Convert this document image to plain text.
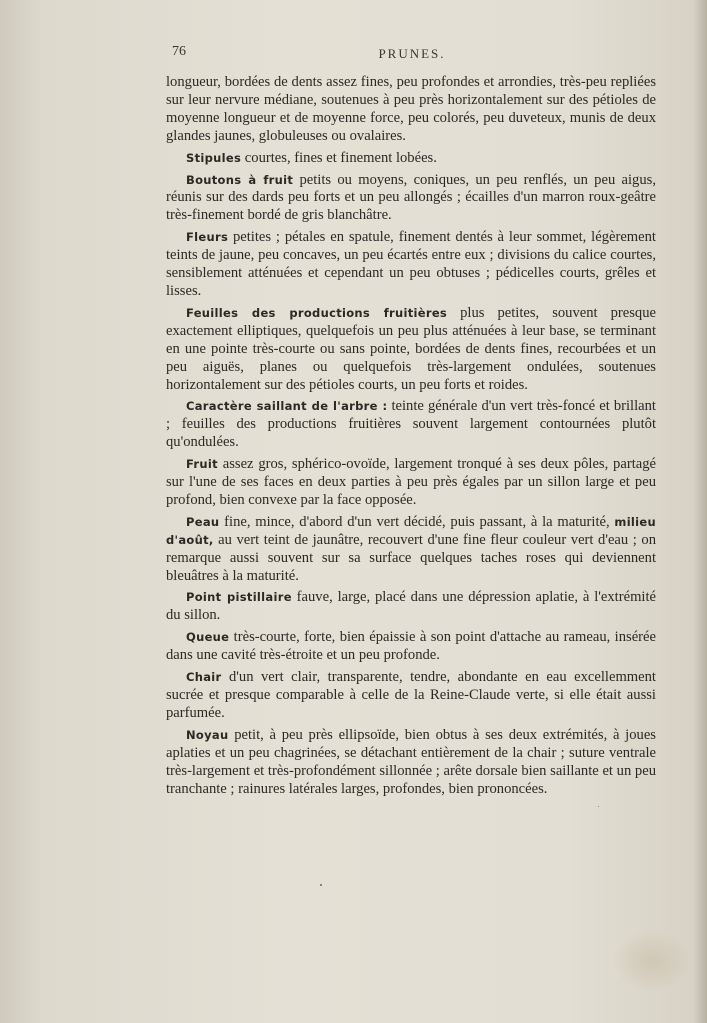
76	PRUNES.

longueur, bordées de dents assez fines, peu profondes et arrondies, très-peu repliées sur leur nervure médiane, soutenues à peu près horizontalement sur des pétioles de moyenne longueur et de moyenne force, peu colorés, peu duveteux, munis de deux glandes jaunes, globuleuses ou ovalaires.

Stipules courtes, fines et finement lobées.

Boutons à fruit petits ou moyens, coniques, un peu renflés, un peu aigus, réunis sur des dards peu forts et un peu allongés ; écailles d'un marron roux-geâtre très-finement bordé de gris blanchâtre.

Fleurs petites ; pétales en spatule, finement dentés à leur sommet, légèrement teints de jaune, peu concaves, un peu écartés entre eux ; divisions du calice courtes, sensiblement atténuées et cependant un peu obtuses ; pédicelles courts, grêles et lisses.

Feuilles des productions fruitières plus petites, souvent presque exactement elliptiques, quelquefois un peu plus atténuées à leur base, se terminant en une pointe très-courte ou sans pointe, bordées de dents fines, recourbées et un peu aiguës, planes ou quelquefois très-largement ondulées, soutenues horizontalement sur des pétioles courts, un peu forts et roides.

Caractère saillant de l'arbre : teinte générale d'un vert très-foncé et brillant ; feuilles des productions fruitières souvent largement contournées plutôt qu'ondulées.

Fruit assez gros, sphérico-ovoïde, largement tronqué à ses deux pôles, partagé sur l'une de ses faces en deux parties à peu près égales par un sillon large et peu profond, bien convexe par la face opposée.

Peau fine, mince, d'abord d'un vert décidé, puis passant, à la maturité, milieu d'août, au vert teint de jaunâtre, recouvert d'une fine fleur couleur vert d'eau ; on remarque aussi souvent sur sa surface quelques taches roses qui deviennent bleuâtres à la maturité.

Point pistillaire fauve, large, placé dans une dépression aplatie, à l'extrémité du sillon.

Queue très-courte, forte, bien épaissie à son point d'attache au rameau, insérée dans une cavité très-étroite et un peu profonde.

Chair d'un vert clair, transparente, tendre, abondante en eau excellemment sucrée et presque comparable à celle de la Reine-Claude verte, si elle était aussi parfumée.

Noyau petit, à peu près ellipsoïde, bien obtus à ses deux extrémités, à joues aplaties et un peu chagrinées, se détachant entièrement de la chair ; suture ventrale très-largement et très-profondément sillonnée ; arête dorsale bien saillante et un peu tranchante ; rainures latérales larges, profondes, bien prononcées.
